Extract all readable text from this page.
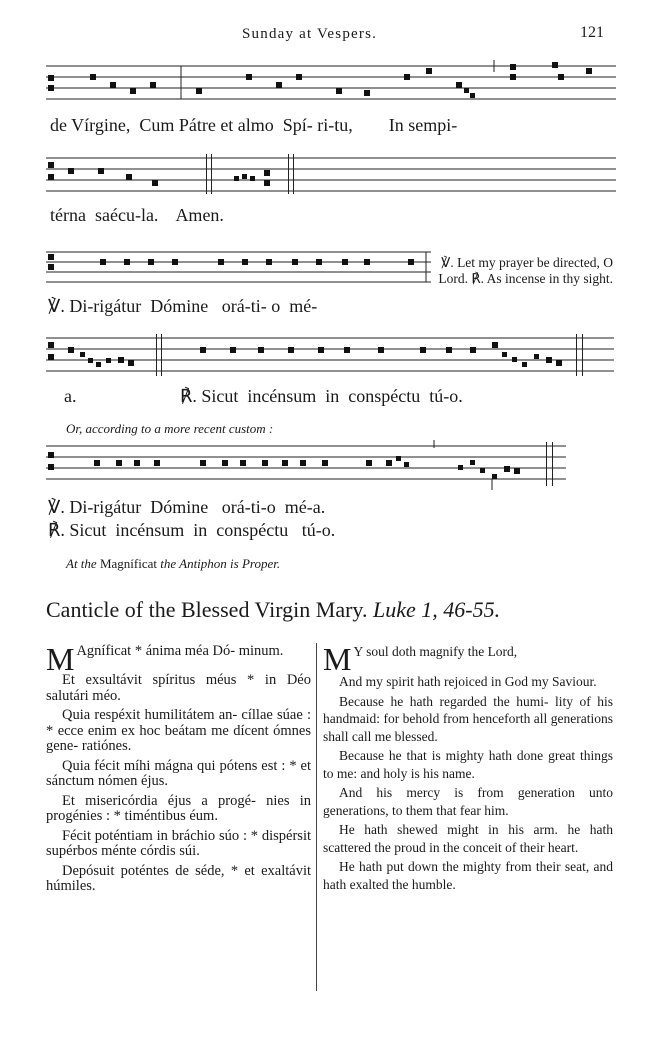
Sunday at Vespers.	121
de Vírgine,  Cum Pátre et almo  Spí- ri-tu,        In sempi-
térna  saécu-la.    Amen.
℣. Let my prayer be directed, O Lord. ℟. As incense in thy sight.
℣. Di-rigátur  Dómine   orá-ti- o  mé-
a.	℟. Sicut  incénsum  in  conspéctu  tú-o.
Or, according to a more recent custom :
℣. Di-rigátur  Dómine   orá-ti-o  mé-a.
℟. Sicut  incénsum  in  conspéctu   tú-o.
At the Magníficat the Antiphon is Proper.
Canticle of the Blessed Virgin Mary. Luke 1, 46-55.

M Agníficat * ánima méa Dó- minum.

Et exsultávit spíritus méus * in Déo salutári méo.

Quia respéxit humilitátem an- cíllae súae : * ecce enim ex hoc beátam me dícent ómnes gene- ratiónes.

Quia fécit míhi mágna qui pótens est : * et sánctum nómen éjus.

Et misericórdia éjus a progé- nies in progénies : * timéntibus éum.

Fécit poténtiam in bráchio súo : * dispérsit supérbos ménte córdis súi.

Depósuit poténtes de séde, * et exaltávit húmiles.

M Y soul doth magnify the Lord,

And my spirit hath rejoiced in God my Saviour.

Because he hath regarded the humi- lity of his handmaid: for behold from henceforth all generations shall call me blessed.

Because he that is mighty hath done great things to me: and holy is his name.

And his mercy is from generation unto generations, to them that fear him.

He hath shewed might in his arm. he hath scattered the proud in the conceit of their heart.

He hath put down the mighty from their seat, and hath exalted the humble.
